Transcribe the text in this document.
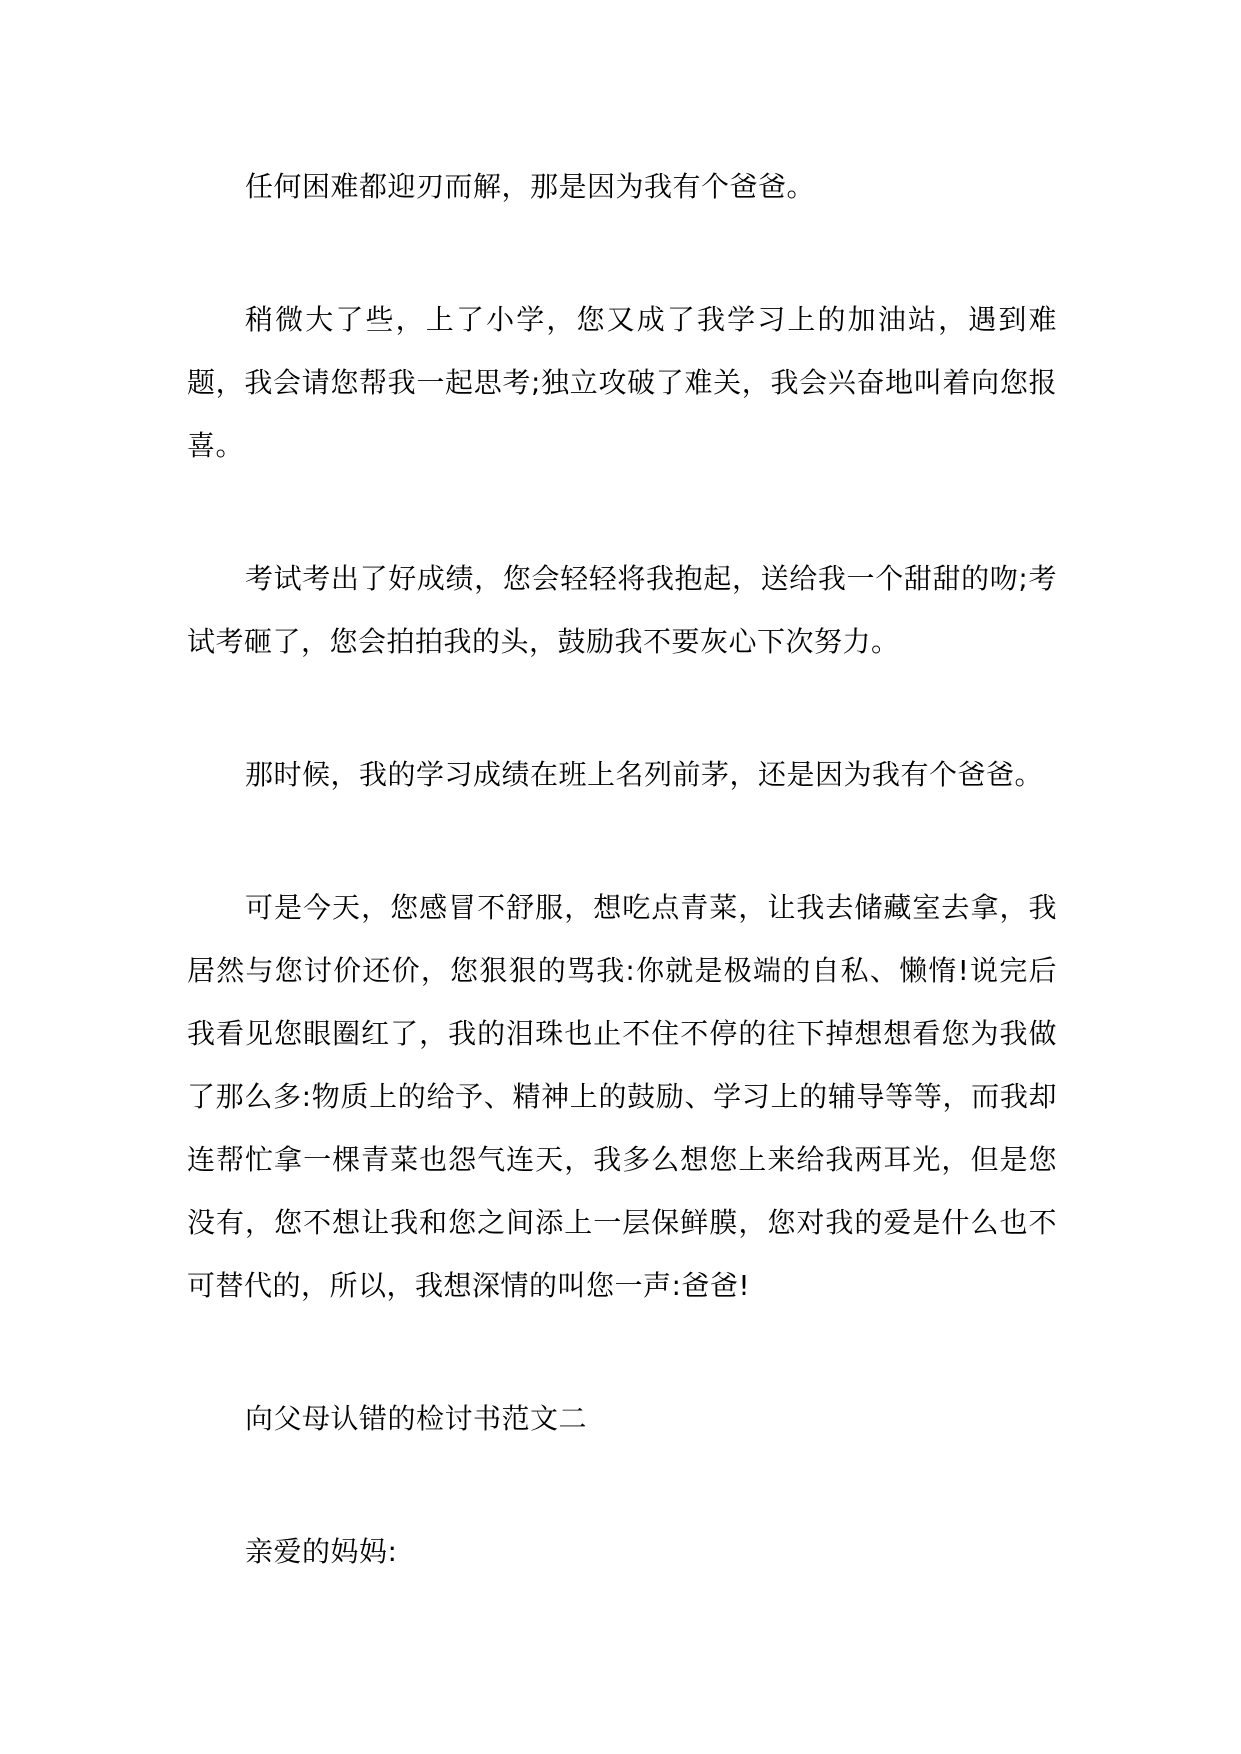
任何困难都迎刃而解，那是因为我有个爸爸。

稍微大了些，上了小学，您又成了我学习上的加油站，遇到难题，我会请您帮我一起思考;独立攻破了难关，我会兴奋地叫着向您报喜。

考试考出了好成绩，您会轻轻将我抱起，送给我一个甜甜的吻;考试考砸了，您会拍拍我的头，鼓励我不要灰心下次努力。

那时候，我的学习成绩在班上名列前茅，还是因为我有个爸爸。

可是今天，您感冒不舒服，想吃点青菜，让我去储藏室去拿，我居然与您讨价还价，您狠狠的骂我:你就是极端的自私、懒惰!说完后我看见您眼圈红了，我的泪珠也止不住不停的往下掉想想看您为我做了那么多:物质上的给予、精神上的鼓励、学习上的辅导等等，而我却连帮忙拿一棵青菜也怨气连天，我多么想您上来给我两耳光，但是您没有，您不想让我和您之间添上一层保鲜膜，您对我的爱是什么也不可替代的，所以，我想深情的叫您一声:爸爸!

向父母认错的检讨书范文二

亲爱的妈妈:
